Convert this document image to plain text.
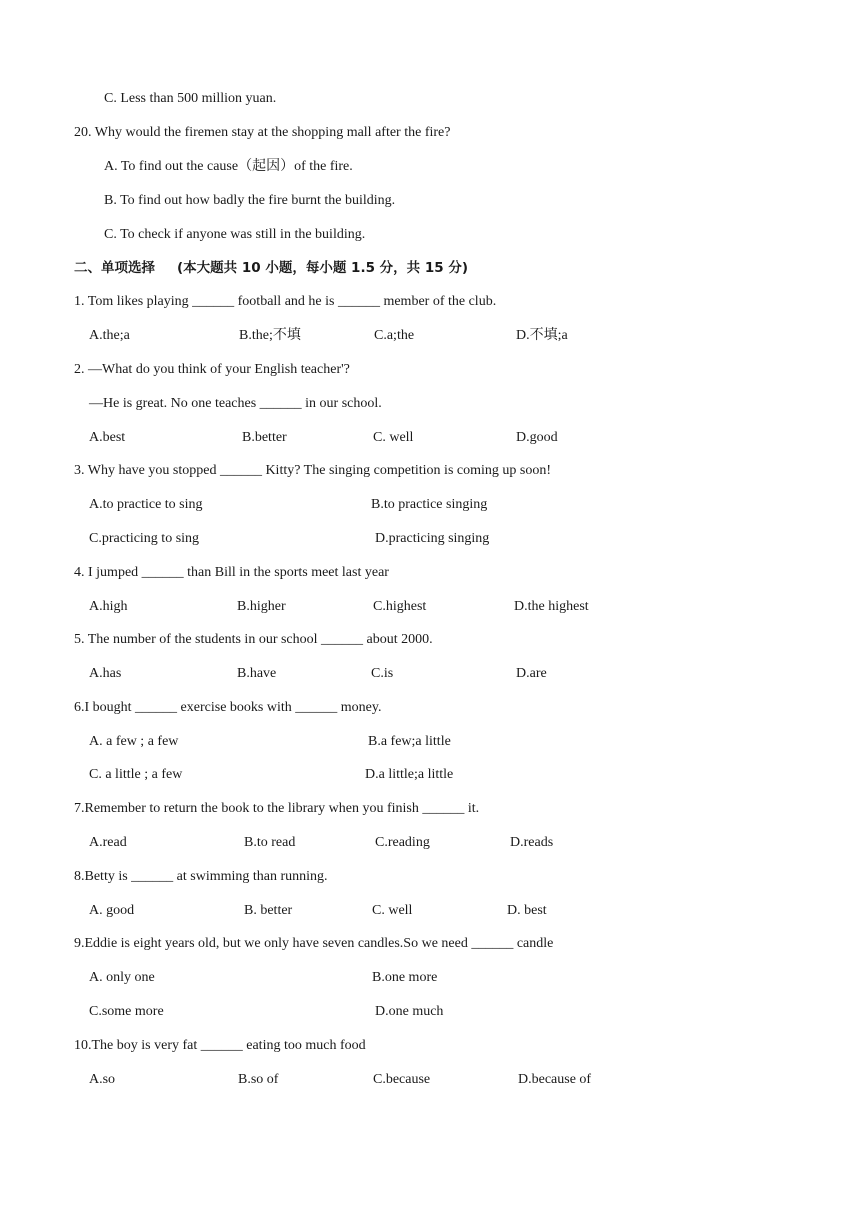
C. Less than 500 million yuan.
20. Why would the firemen stay at the shopping mall after the fire?
A. To find out the cause（起因）of the fire.
B. To find out how badly the fire burnt the building.
C. To check if anyone was still in the building.
二、单项选择 (本大题共 10 小题，每小题 1.5 分，共 15 分)
1. Tom likes playing ______ football and he is ______ member of the club.
A.the;a	B.the;不填	C.a;the	D.不填;a
2. —What do you think of your English teacher'?
—He is great. No one teaches ______ in our school.
A.best	B.better	C. well	D.good
3. Why have you stopped ______ Kitty? The singing competition is coming up soon!
A.to practice to sing	B.to practice singing
C.practicing to sing	D.practicing singing
4. I jumped ______ than Bill in the sports meet last year
A.high	B.higher	C.highest	D.the highest
5. The number of the students in our school ______ about 2000.
A.has	B.have	C.is	D.are
6.I bought ______ exercise books with ______ money.
A. a few ; a few	B.a few;a little
C. a little ; a few	D.a little;a little
7.Remember to return the book to the library when you finish ______ it.
A.read	B.to read	C.reading	D.reads
8.Betty is ______ at swimming than running.
A. good	B. better	C. well	D. best
9.Eddie is eight years old, but we only have seven candles.So we need ______ candle
A. only one	B.one more
C.some more	D.one much
10.The boy is very fat ______ eating too much food
A.so	B.so of	C.because	D.because of
